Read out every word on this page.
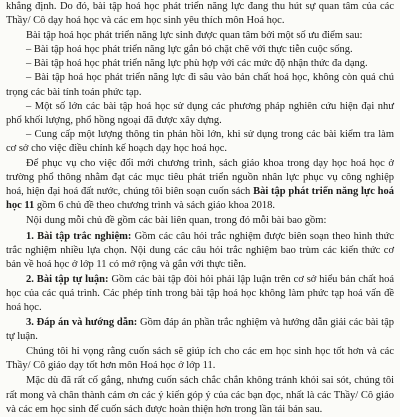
khẳng định. Do đó, bài tập hoá học phát triển năng lực đang thu hút sự quan tâm của các Thầy/ Cô dạy hoá học và các em học sinh yêu thích môn Hoá học.

Bài tập hoá học phát triển năng lực sinh được quan tâm bởi một số ưu điểm sau:

– Bài tập hoá học phát triển năng lực gắn bó chặt chẽ với thực tiễn cuộc sống.

– Bài tập hoá học phát triển năng lực phù hợp với các mức độ nhận thức đa dạng.

– Bài tập hoá học phát triển năng lực đi sâu vào bản chất hoá học, không còn quá chú trọng các bài tính toán phức tạp.

– Một số lớn các bài tập hoá học sử dụng các phương pháp nghiên cứu hiện đại như phổ khối lượng, phổ hồng ngoại đã được xây dựng.

– Cung cấp một lượng thông tin phản hồi lớn, khi sử dụng trong các bài kiểm tra làm cơ sở cho việc điều chỉnh kế hoạch dạy học hoá học.

Để phục vụ cho việc đổi mới chương trình, sách giáo khoa trong dạy học hoá học ở trường phổ thông nhằm đạt các mục tiêu phát triển nguồn nhân lực phục vụ công nghiệp hoá, hiện đại hoá đất nước, chúng tôi biên soạn cuốn sách Bài tập phát triển năng lực hoá học 11 gồm 6 chủ đề theo chương trình và sách giáo khoa 2018.

Nội dung mỗi chủ đề gồm các bài liên quan, trong đó mỗi bài bao gồm:

1. Bài tập trắc nghiệm: Gồm các câu hỏi trắc nghiệm được biên soạn theo hình thức trắc nghiệm nhiều lựa chọn. Nội dung các câu hỏi trắc nghiệm bao trùm các kiến thức cơ bản về hoá học ở lớp 11 có mở rộng và gắn với thực tiễn.

2. Bài tập tự luận: Gồm các bài tập đòi hỏi phải lập luận trên cơ sở hiểu bản chất hoá học của các quá trình. Các phép tính trong bài tập hoá học không làm phức tạp hoá vấn đề hoá học.

3. Đáp án và hướng dẫn: Gồm đáp án phần trắc nghiệm và hướng dẫn giải các bài tập tự luận.

Chúng tôi hi vọng rằng cuốn sách sẽ giúp ích cho các em học sinh học tốt hơn và các Thầy/ Cô giáo dạy tốt hơn môn Hoá học ở lớp 11.

Mặc dù đã rất cố gắng, nhưng cuốn sách chắc chắn không tránh khỏi sai sót, chúng tôi rất mong và chân thành cảm ơn các ý kiến góp ý của các bạn đọc, nhất là các Thầy/ Cô giáo và các em học sinh để cuốn sách được hoàn thiện hơn trong lần tái bản sau.
